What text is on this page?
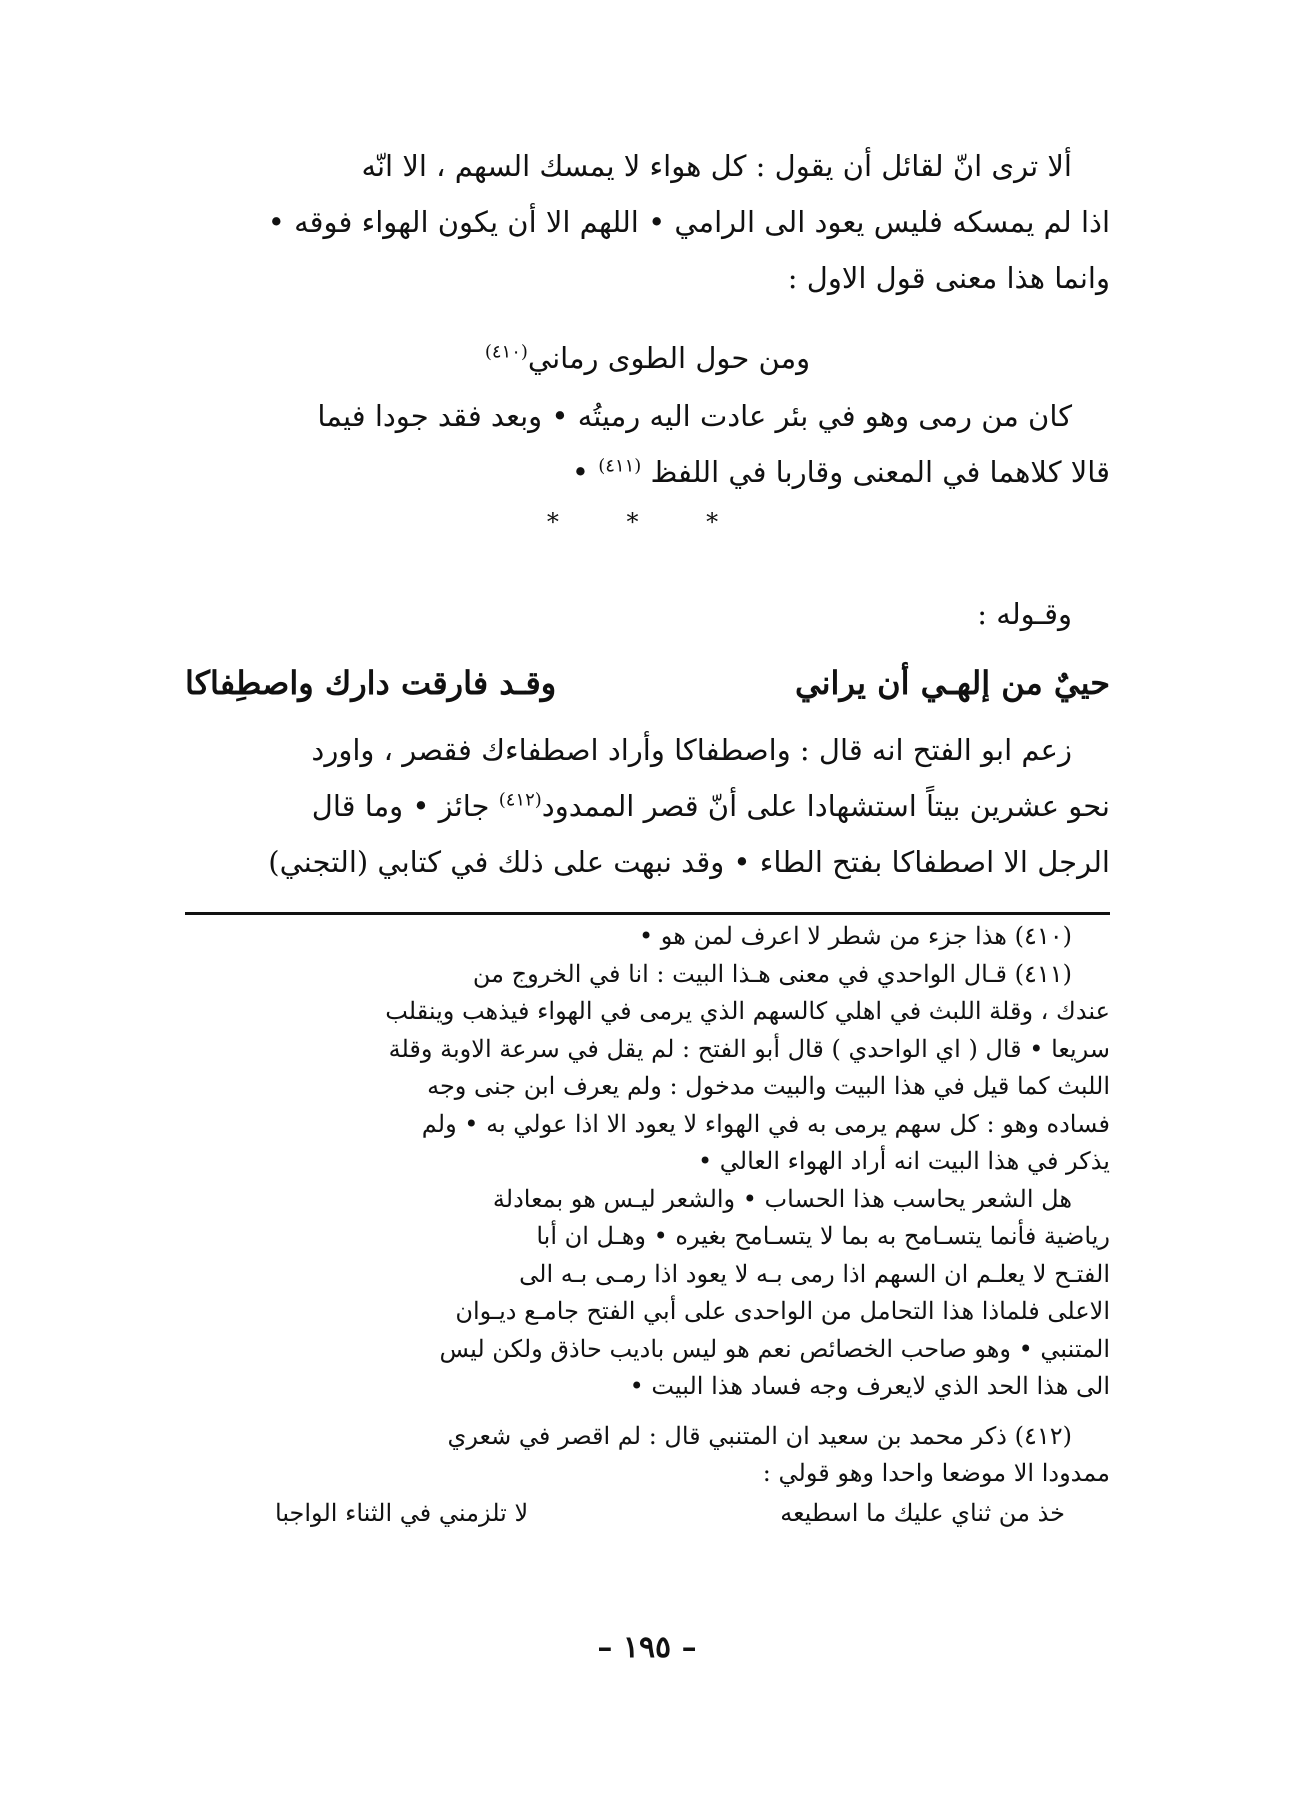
ألا ترى انّ لقائل أن يقول : كل هواء لا يمسك السهم ، الا انّه
اذا لم يمسكه فليس يعود الى الرامي • اللهم الا أن يكون الهواء فوقه •
وانما هذا معنى قول الاول :
ومن حول الطوى رماني$^{(٤١٠)}$
كان من رمى وهو في بئر عادت اليه رميتُه • وبعد فقد جودا فيما
قالا كلاهما في المعنى وقاربا في اللفظ $^{(٤١١)}$ •
* * *
وقـوله :
حييٌ من إلهـي أن يراني
وقـد فارقت دارك واصطِفاكا
زعم ابو الفتح انه قال : واصطفاكا وأراد اصطفاءك فقصر ، واورد
نحو عشرين بيتاً استشهادا على أنّ قصر الممدود$^{(٤١٢)}$ جائز • وما قال
الرجل الا اصطفاكا بفتح الطاء • وقد نبهت على ذلك في كتابي (التجني)
(٤١٠) هذا جزء من شطر لا اعرف لمن هو •
(٤١١) قـال الواحدي في معنى هـذا البيت : انا في الخروج من
عندك ، وقلة اللبث في اهلي كالسهم الذي يرمى في الهواء فيذهب وينقلب
سريعا • قال ( اي الواحدي ) قال أبو الفتح : لم يقل في سرعة الاوبة وقلة
اللبث كما قيل في هذا البيت والبيت مدخول : ولم يعرف ابن جنى وجه
فساده وهو : كل سهم يرمى به في الهواء لا يعود الا اذا عولي به • ولم
يذكر في هذا البيت انه أراد الهواء العالي •
هل الشعر يحاسب هذا الحساب • والشعر ليـس هو بمعادلة
رياضية فأنما يتسـامح به بما لا يتسـامح بغيره • وهـل ان أبا
الفتـح لا يعلـم ان السهم اذا رمى بـه لا يعود اذا رمـى بـه الى
الاعلى فلماذا هذا التحامل من الواحدى على أبي الفتح جامـع ديـوان
المتنبي • وهو صاحب الخصائص نعم هو ليس باديب حاذق ولكن ليس
الى هذا الحد الذي لايعرف وجه فساد هذا البيت •
(٤١٢) ذكر محمد بن سعيد ان المتنبي قال : لم اقصر في شعري
ممدودا الا موضعا واحدا وهو قولي :
خذ من ثناي عليك ما اسطيعه
لا تلزمني في الثناء الواجبا
– ١٩٥ –
